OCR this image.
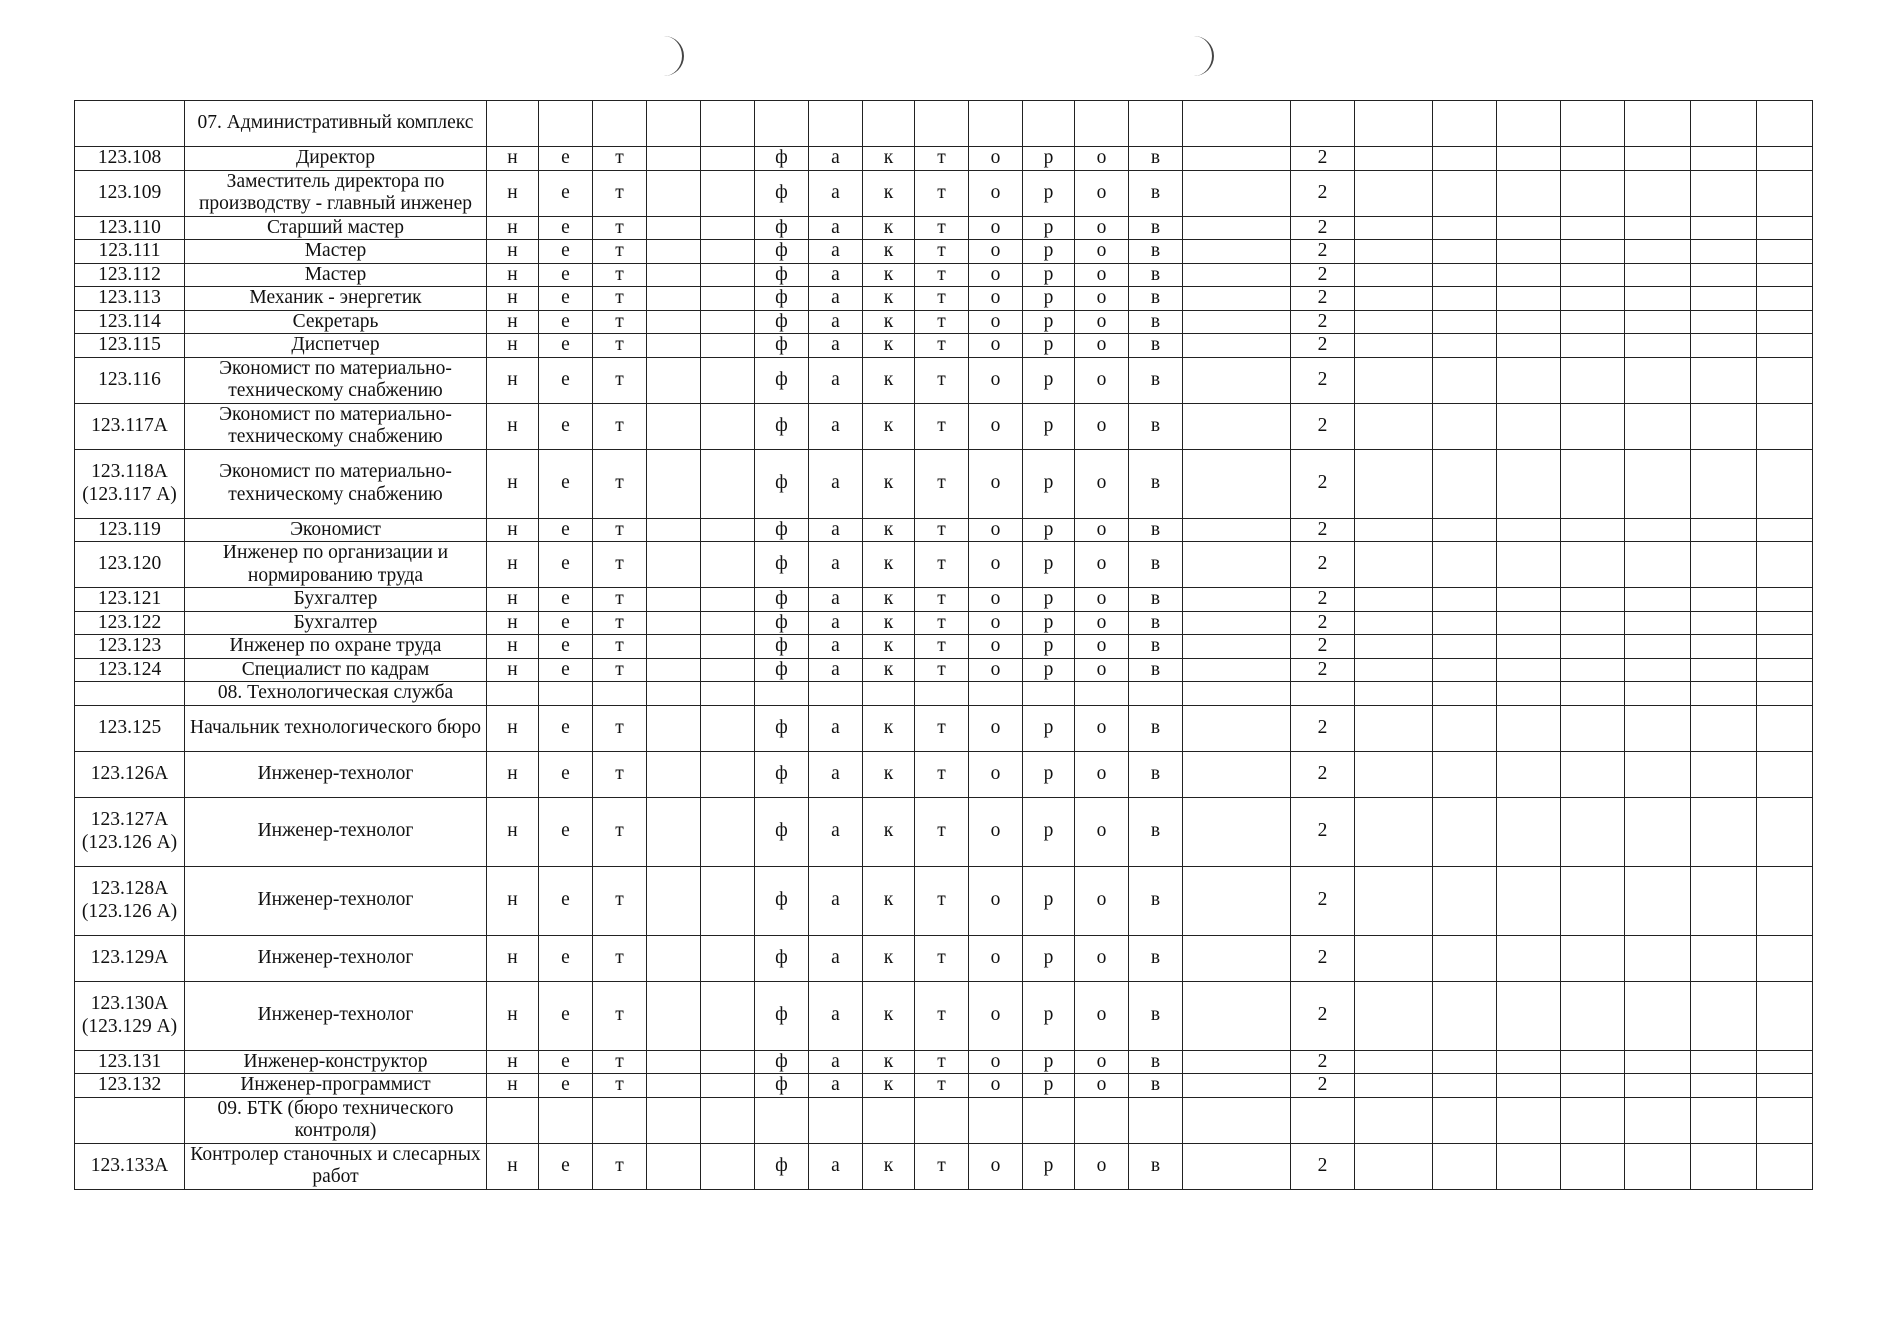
	07. Административный комплекс																						
123.108	Директор	н	е	т			ф	а	к	т	о	р	о	в		2							
123.109	Заместитель директора по производству - главный инженер	н	е	т			ф	а	к	т	о	р	о	в		2							
123.110	Старший мастер	н	е	т			ф	а	к	т	о	р	о	в		2							
123.111	Мастер	н	е	т			ф	а	к	т	о	р	о	в		2							
123.112	Мастер	н	е	т			ф	а	к	т	о	р	о	в		2							
123.113	Механик - энергетик	н	е	т			ф	а	к	т	о	р	о	в		2							
123.114	Секретарь	н	е	т			ф	а	к	т	о	р	о	в		2							
123.115	Диспетчер	н	е	т			ф	а	к	т	о	р	о	в		2							
123.116	Экономист по материально-техническому снабжению	н	е	т			ф	а	к	т	о	р	о	в		2							
123.117А	Экономист по материально-техническому снабжению	н	е	т			ф	а	к	т	о	р	о	в		2							
123.118А (123.117 А)	Экономист по материально-техническому снабжению	н	е	т			ф	а	к	т	о	р	о	в		2							
123.119	Экономист	н	е	т			ф	а	к	т	о	р	о	в		2							
123.120	Инженер по организации и нормированию труда	н	е	т			ф	а	к	т	о	р	о	в		2							
123.121	Бухгалтер	н	е	т			ф	а	к	т	о	р	о	в		2							
123.122	Бухгалтер	н	е	т			ф	а	к	т	о	р	о	в		2							
123.123	Инженер по охране труда	н	е	т			ф	а	к	т	о	р	о	в		2							
123.124	Специалист по кадрам	н	е	т			ф	а	к	т	о	р	о	в		2							
	08. Технологическая служба																						
123.125	Начальник технологического бюро	н	е	т			ф	а	к	т	о	р	о	в		2							
123.126А	Инженер-технолог	н	е	т			ф	а	к	т	о	р	о	в		2							
123.127А (123.126 А)	Инженер-технолог	н	е	т			ф	а	к	т	о	р	о	в		2							
123.128А (123.126 А)	Инженер-технолог	н	е	т			ф	а	к	т	о	р	о	в		2							
123.129А	Инженер-технолог	н	е	т			ф	а	к	т	о	р	о	в		2							
123.130А (123.129 А)	Инженер-технолог	н	е	т			ф	а	к	т	о	р	о	в		2							
123.131	Инженер-конструктор	н	е	т			ф	а	к	т	о	р	о	в		2							
123.132	Инженер-программист	н	е	т			ф	а	к	т	о	р	о	в		2							
	09. БТК (бюро технического контроля)																						
123.133А	Контролер станочных и слесарных работ	н	е	т			ф	а	к	т	о	р	о	в		2							
